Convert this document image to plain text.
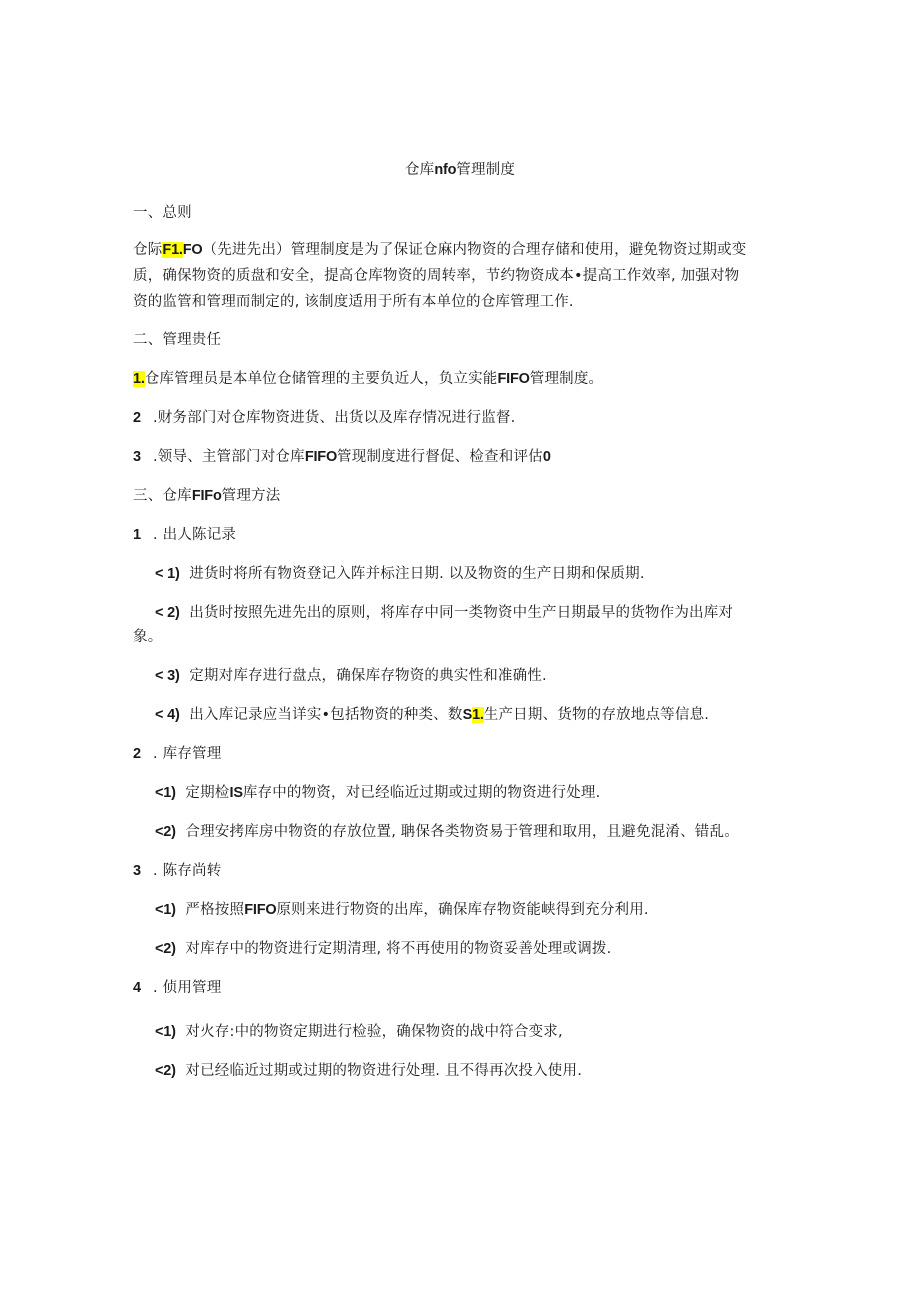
仓库nfo管理制度
一、总则
仓际F1.FO（先进先出）管理制度是为了保证仓麻内物资的合理存储和使用，避免物资过期或变
质，确保物资的质盘和安全，提高仓库物资的周转率，节约物资成本•提高工作效率, 加强对物
资的监管和管理而制定的, 该制度适用于所有本单位的仓库管理工作.
二、管理贵任
1.仓库管理员是本单位仓储管理的主要负近人，负立实能FIFO管理制度。
2 .财务部门对仓库物资进货、出货以及库存情况进行监督.
3 .领导、主管部门对仓库FIFO管现制度进行督促、检查和评估0
三、仓库FIFo管理方法
1 . 出人陈记录
< 1) 进货时将所有物资登记入阵并标注日期. 以及物资的生产日期和保质期.
< 2) 出货时按照先进先出的原则，将库存中同一类物资中生产日期最早的货物作为出库对
象。
< 3) 定期对库存进行盘点，确保库存物资的典实性和准确性.
< 4) 出入库记录应当详实•包括物资的种类、数S1.生产日期、货物的存放地点等信息.
2 . 库存管理
<1) 定期检IS库存中的物资，对已经临近过期或过期的物资进行处理.
<2) 合理安拷库房中物资的存放位置, 聃保各类物资易于管理和取用，且避免混淆、错乱。
3 . 陈存尚转
<1) 严格按照FIFO原则来进行物资的出库，确保库存物资能峡得到充分利用.
<2) 对库存中的物资进行定期清理, 将不再使用的物资妥善处理或调拨.
4 . 侦用管理
<1) 对火存:中的物资定期进行检验，确保物资的战中符合变求,
<2) 对已经临近过期或过期的物资进行处理. 且不得再次投入使用.
